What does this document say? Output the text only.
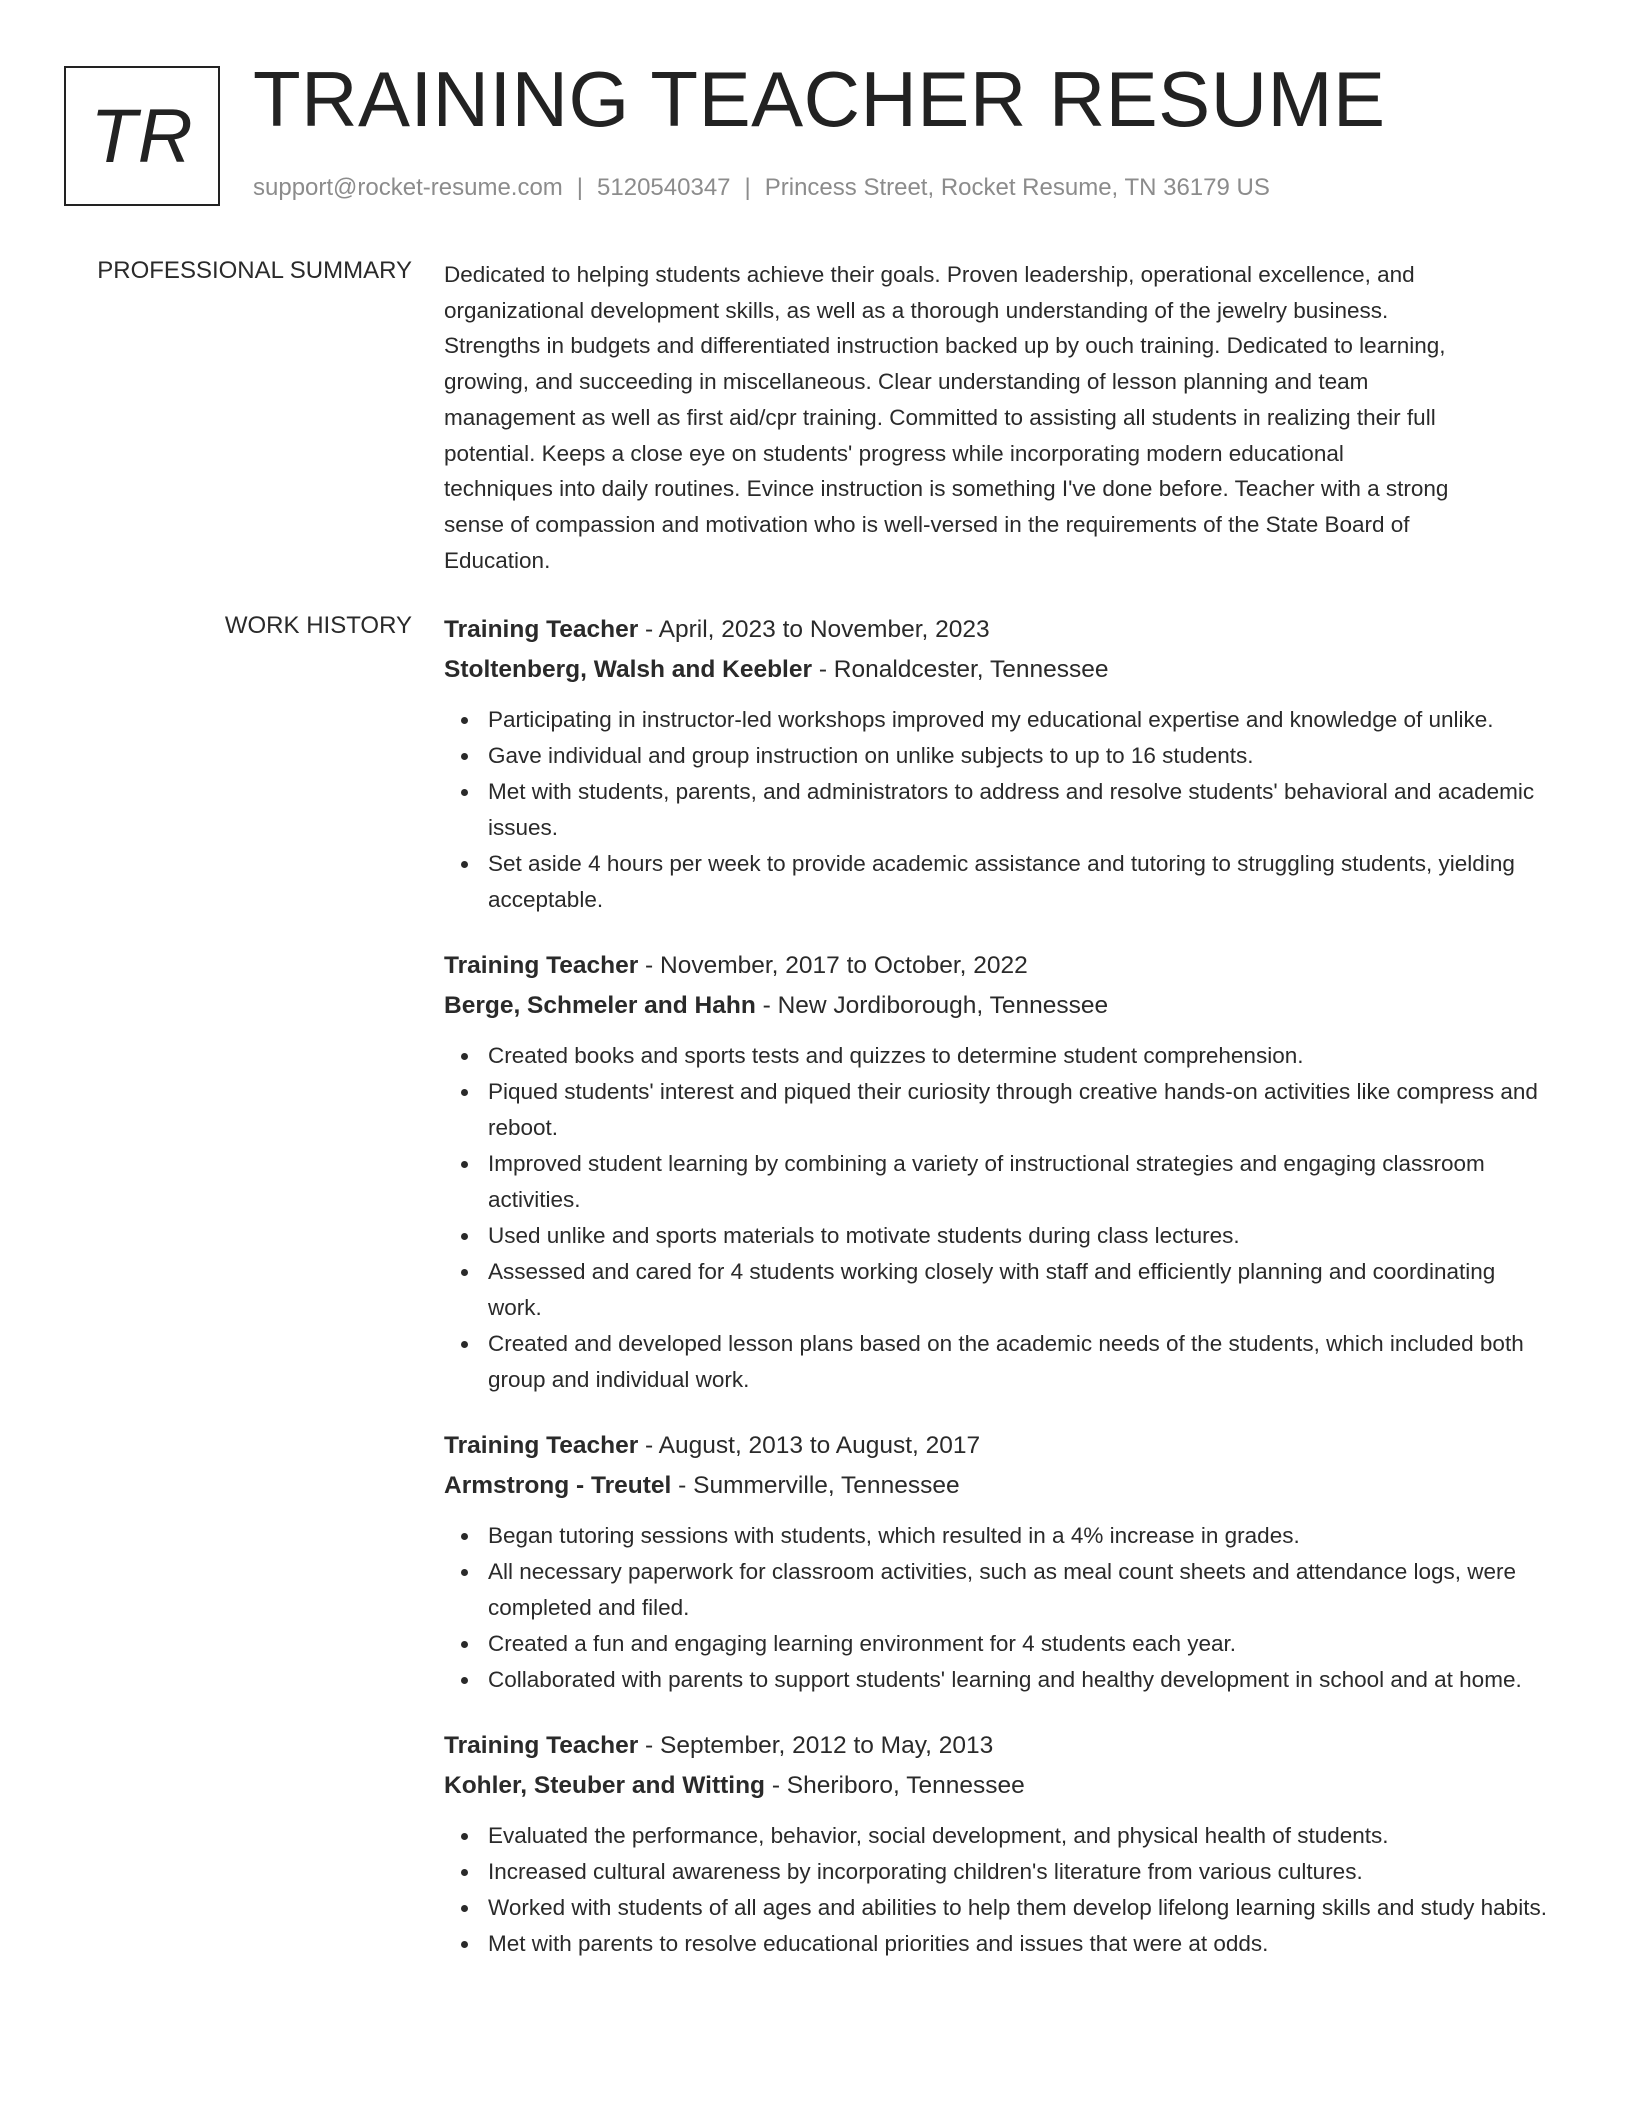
TR TRAINING TEACHER RESUME
support@rocket-resume.com | 5120540347 | Princess Street, Rocket Resume, TN 36179 US
PROFESSIONAL SUMMARY Dedicated to helping students achieve their goals. Proven leadership, operational excellence, and
organizational development skills, as well as a thorough understanding of the jewelry business.
Strengths in budgets and differentiated instruction backed up by ouch training. Dedicated to learning,
growing, and succeeding in miscellaneous. Clear understanding of lesson planning and team
management as well as first aid/cpr training. Committed to assisting all students in realizing their full
potential. Keeps a close eye on students' progress while incorporating modern educational
techniques into daily routines. Evince instruction is something I've done before. Teacher with a strong
sense of compassion and motivation who is well-versed in the requirements of the State Board of
Education.

WORK HISTORY Training Teacher - April, 2023 to November, 2023
Stoltenberg, Walsh and Keebler - Ronaldcester, Tennessee
Participating in instructor-led workshops improved my educational expertise and knowledge of unlike.
Gave individual and group instruction on unlike subjects to up to 16 students.
Met with students, parents, and administrators to address and resolve students' behavioral and academic issues.
Set aside 4 hours per week to provide academic assistance and tutoring to struggling students, yielding acceptable.
Training Teacher - November, 2017 to October, 2022
Berge, Schmeler and Hahn - New Jordiborough, Tennessee
Created books and sports tests and quizzes to determine student comprehension.
Piqued students' interest and piqued their curiosity through creative hands-on activities like compress and reboot.
Improved student learning by combining a variety of instructional strategies and engaging classroom activities.
Used unlike and sports materials to motivate students during class lectures.
Assessed and cared for 4 students working closely with staff and efficiently planning and coordinating work.
Created and developed lesson plans based on the academic needs of the students, which included both group and individual work.
Training Teacher - August, 2013 to August, 2017
Armstrong - Treutel - Summerville, Tennessee
Began tutoring sessions with students, which resulted in a 4% increase in grades.
All necessary paperwork for classroom activities, such as meal count sheets and attendance logs, were completed and filed.
Created a fun and engaging learning environment for 4 students each year.
Collaborated with parents to support students' learning and healthy development in school and at home.
Training Teacher - September, 2012 to May, 2013
Kohler, Steuber and Witting - Sheriboro, Tennessee
Evaluated the performance, behavior, social development, and physical health of students.
Increased cultural awareness by incorporating children's literature from various cultures.
Worked with students of all ages and abilities to help them develop lifelong learning skills and study habits.
Met with parents to resolve educational priorities and issues that were at odds.
